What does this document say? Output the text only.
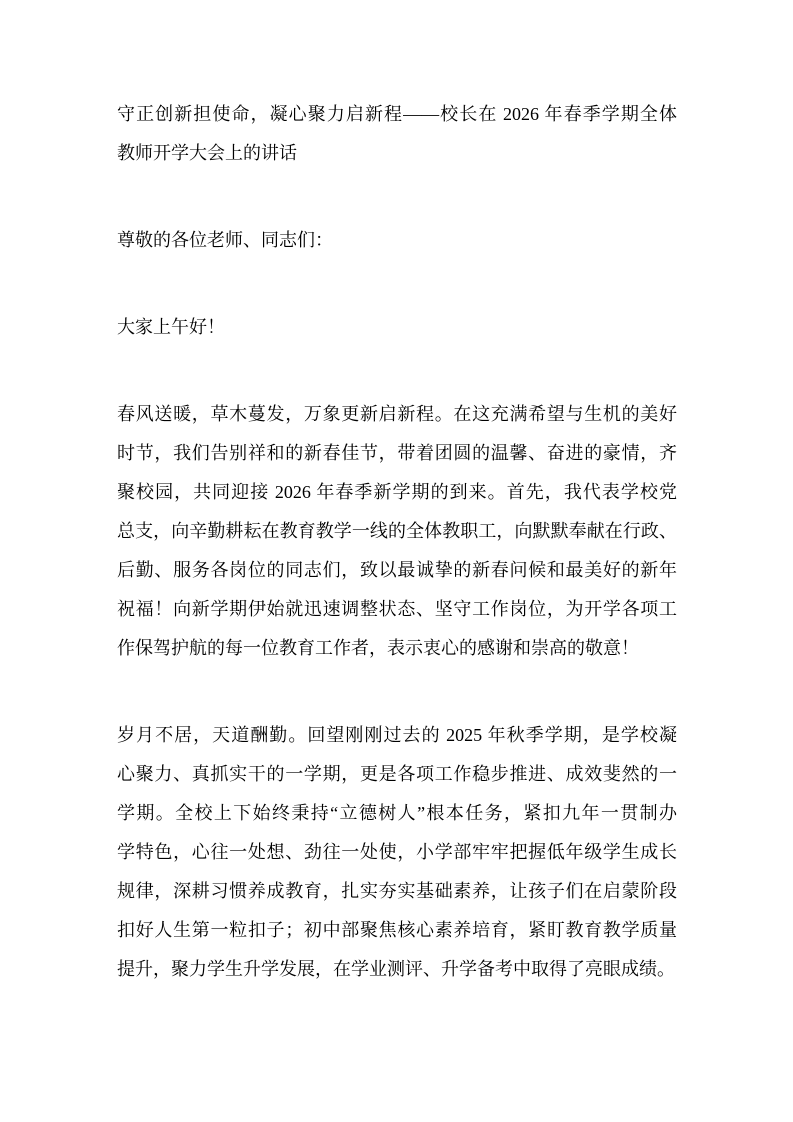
守正创新担使命，凝心聚力启新程——校长在 2026 年春季学期全体
教师开学大会上的讲话
尊敬的各位老师、同志们：
大家上午好！
春风送暖，草木蔓发，万象更新启新程。在这充满希望与生机的美好
时节，我们告别祥和的新春佳节，带着团圆的温馨、奋进的豪情，齐
聚校园，共同迎接 2026 年春季新学期的到来。首先，我代表学校党
总支，向辛勤耕耘在教育教学一线的全体教职工，向默默奉献在行政、
后勤、服务各岗位的同志们，致以最诚挚的新春问候和最美好的新年
祝福！向新学期伊始就迅速调整状态、坚守工作岗位，为开学各项工
作保驾护航的每一位教育工作者，表示衷心的感谢和崇高的敬意！
岁月不居，天道酬勤。回望刚刚过去的 2025 年秋季学期，是学校凝
心聚力、真抓实干的一学期，更是各项工作稳步推进、成效斐然的一
学期。全校上下始终秉持“立德树人”根本任务，紧扣九年一贯制办
学特色，心往一处想、劲往一处使，小学部牢牢把握低年级学生成长
规律，深耕习惯养成教育，扎实夯实基础素养，让孩子们在启蒙阶段
扣好人生第一粒扣子；初中部聚焦核心素养培育，紧盯教育教学质量
提升，聚力学生升学发展，在学业测评、升学备考中取得了亮眼成绩。
